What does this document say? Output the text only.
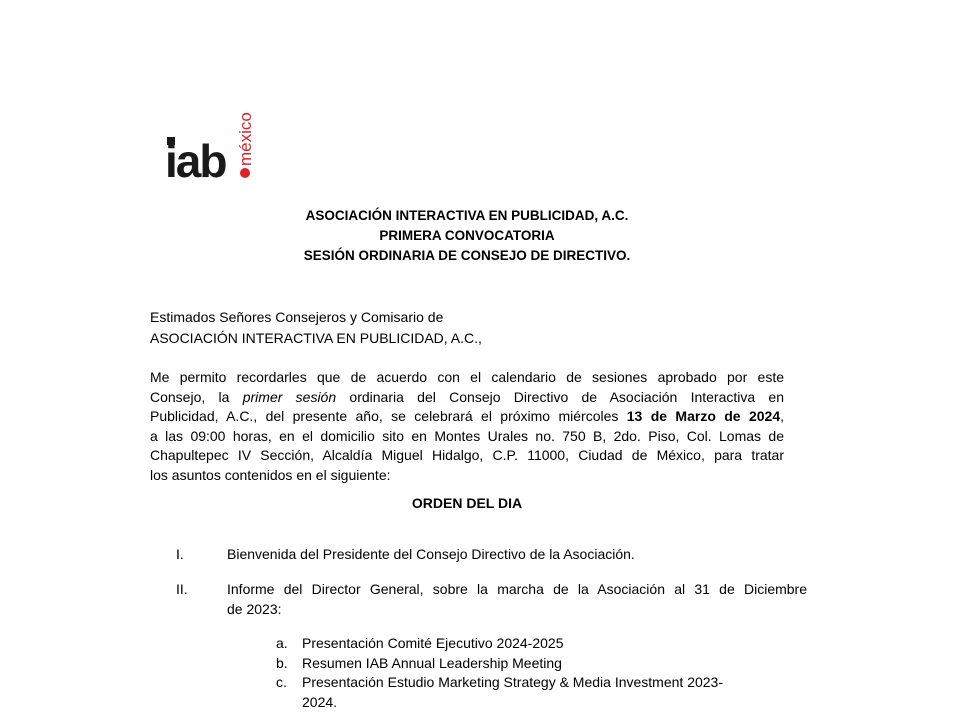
iab méxico
ASOCIACIÓN INTERACTIVA EN PUBLICIDAD, A.C.
PRIMERA CONVOCATORIA
SESIÓN ORDINARIA DE CONSEJO DE DIRECTIVO.
Estimados Señores Consejeros y Comisario de
ASOCIACIÓN INTERACTIVA EN PUBLICIDAD, A.C.,
Me permito recordarles que de acuerdo con el calendario de sesiones aprobado por este
Consejo, la primer sesión ordinaria del Consejo Directivo de Asociación Interactiva en
Publicidad, A.C., del presente año, se celebrará el próximo miércoles 13 de Marzo de 2024,
a las 09:00 horas, en el domicilio sito en Montes Urales no. 750 B, 2do. Piso, Col. Lomas de
Chapultepec IV Sección, Alcaldía Miguel Hidalgo, C.P. 11000, Ciudad de México, para tratar
los asuntos contenidos en el siguiente:
ORDEN DEL DIA
I.	Bienvenida del Presidente del Consejo Directivo de la Asociación.
II.	Informe del Director General, sobre la marcha de la Asociación al 31 de Diciembre
de 2023:
a. Presentación Comité Ejecutivo 2024-2025
b. Resumen IAB Annual Leadership Meeting
c. Presentación Estudio Marketing Strategy & Media Investment 2023-
2024.
